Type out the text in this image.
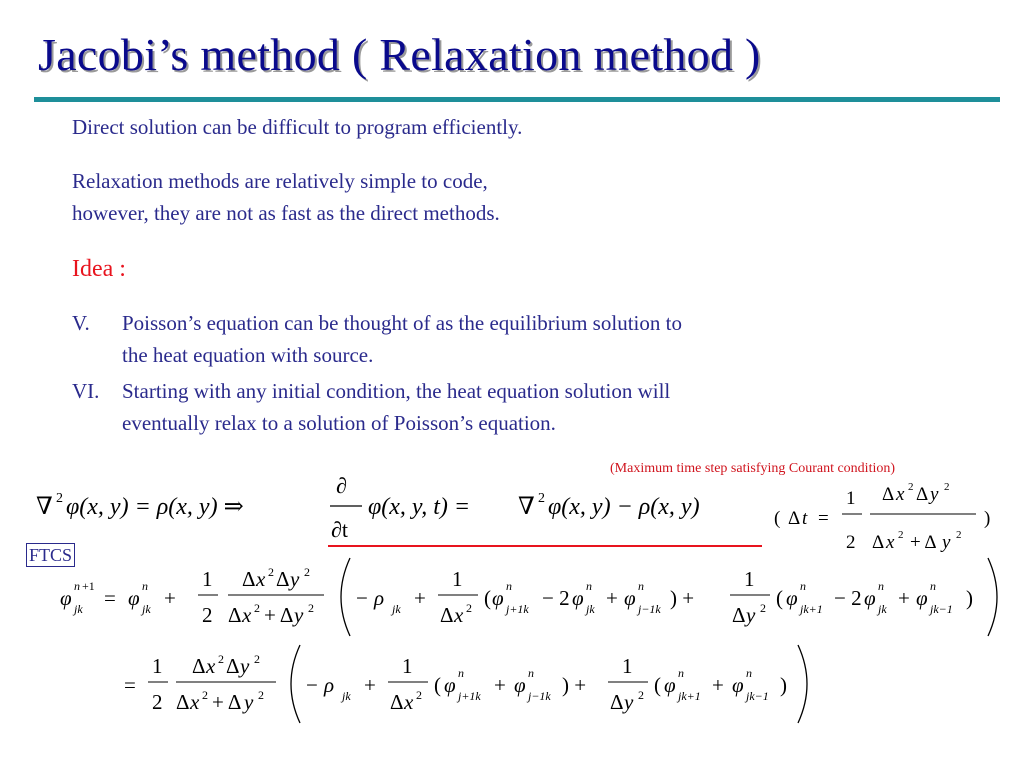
Jacobi’s method ( Relaxation method )
Direct solution can be difficult to program efficiently.
Relaxation methods are relatively simple to code,
however, they are not as fast as the direct methods.
Idea :
V. Poisson’s equation can be thought of as the equilibrium solution to
the heat equation with source.
VI. Starting with any initial condition, the heat equation solution will
eventually relax to a solution of Poisson’s equation.
(Maximum time step satisfying Courant condition)
∇ 2 φ(x, y) = ρ(x, y) ⇒
∂
∂t
φ(x, y, t) = ∇ 2 φ(x, y) − ρ(x, y)	( Δ t =
1
2
Δ x 2 Δ y 2
Δ x 2 + Δ y 2
)
φ n +1
jk = φ n
jk +
1
2
Δ x 2 Δ y 2
Δ x 2 + Δ y 2 − ρ jk +
1
Δ x 2 ( φ n
j+1k − 2 φ n
jk + φ n
j−1k ) +
1
Δ y 2 ( φ n
jk+1 − 2 φ n
jk + φ n
jk−1 )
=
1
2
Δ x 2 Δ y 2
Δ x 2 + Δ y 2 − ρ jk +
1
Δ x 2 ( φ n
j+1k + φ n
j−1k ) +
1
Δ y 2 ( φ n
jk+1 + φ n
jk−1 )
FTCS
